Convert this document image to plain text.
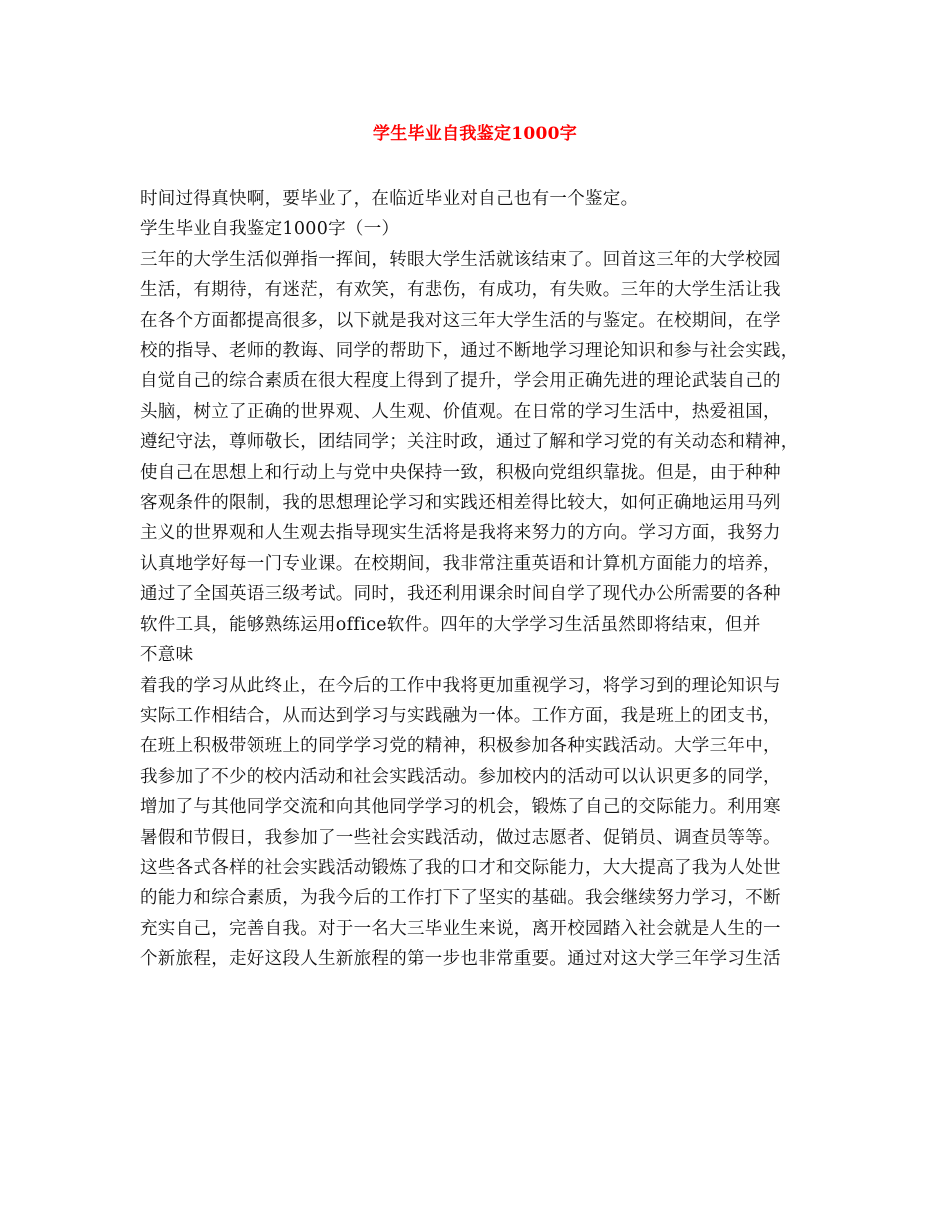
学生毕业自我鉴定1000字
时间过得真快啊，要毕业了，在临近毕业对自己也有一个鉴定。
学生毕业自我鉴定1000字（一）
三年的大学生活似弹指一挥间，转眼大学生活就该结束了。回首这三年的大学校园
生活，有期待，有迷茫，有欢笑，有悲伤，有成功，有失败。三年的大学生活让我
在各个方面都提高很多，以下就是我对这三年大学生活的与鉴定。在校期间，在学
校的指导、老师的教诲、同学的帮助下，通过不断地学习理论知识和参与社会实践，
自觉自己的综合素质在很大程度上得到了提升，学会用正确先进的理论武装自己的
头脑，树立了正确的世界观、人生观、价值观。在日常的学习生活中，热爱祖国，
遵纪守法，尊师敬长，团结同学；关注时政，通过了解和学习党的有关动态和精神，
使自己在思想上和行动上与党中央保持一致，积极向党组织靠拢。但是，由于种种
客观条件的限制，我的思想理论学习和实践还相差得比较大，如何正确地运用马列
主义的世界观和人生观去指导现实生活将是我将来努力的方向。学习方面，我努力
认真地学好每一门专业课。在校期间，我非常注重英语和计算机方面能力的培养，
通过了全国英语三级考试。同时，我还利用课余时间自学了现代办公所需要的各种
软件工具，能够熟练运用office软件。四年的大学学习生活虽然即将结束，但并
不意味
着我的学习从此终止，在今后的工作中我将更加重视学习，将学习到的理论知识与
实际工作相结合，从而达到学习与实践融为一体。工作方面，我是班上的团支书，
在班上积极带领班上的同学学习党的精神，积极参加各种实践活动。大学三年中，
我参加了不少的校内活动和社会实践活动。参加校内的活动可以认识更多的同学，
增加了与其他同学交流和向其他同学学习的机会，锻炼了自己的交际能力。利用寒
暑假和节假日，我参加了一些社会实践活动，做过志愿者、促销员、调查员等等。
这些各式各样的社会实践活动锻炼了我的口才和交际能力，大大提高了我为人处世
的能力和综合素质，为我今后的工作打下了坚实的基础。我会继续努力学习，不断
充实自己，完善自我。对于一名大三毕业生来说，离开校园踏入社会就是人生的一
个新旅程，走好这段人生新旅程的第一步也非常重要。通过对这大学三年学习生活
